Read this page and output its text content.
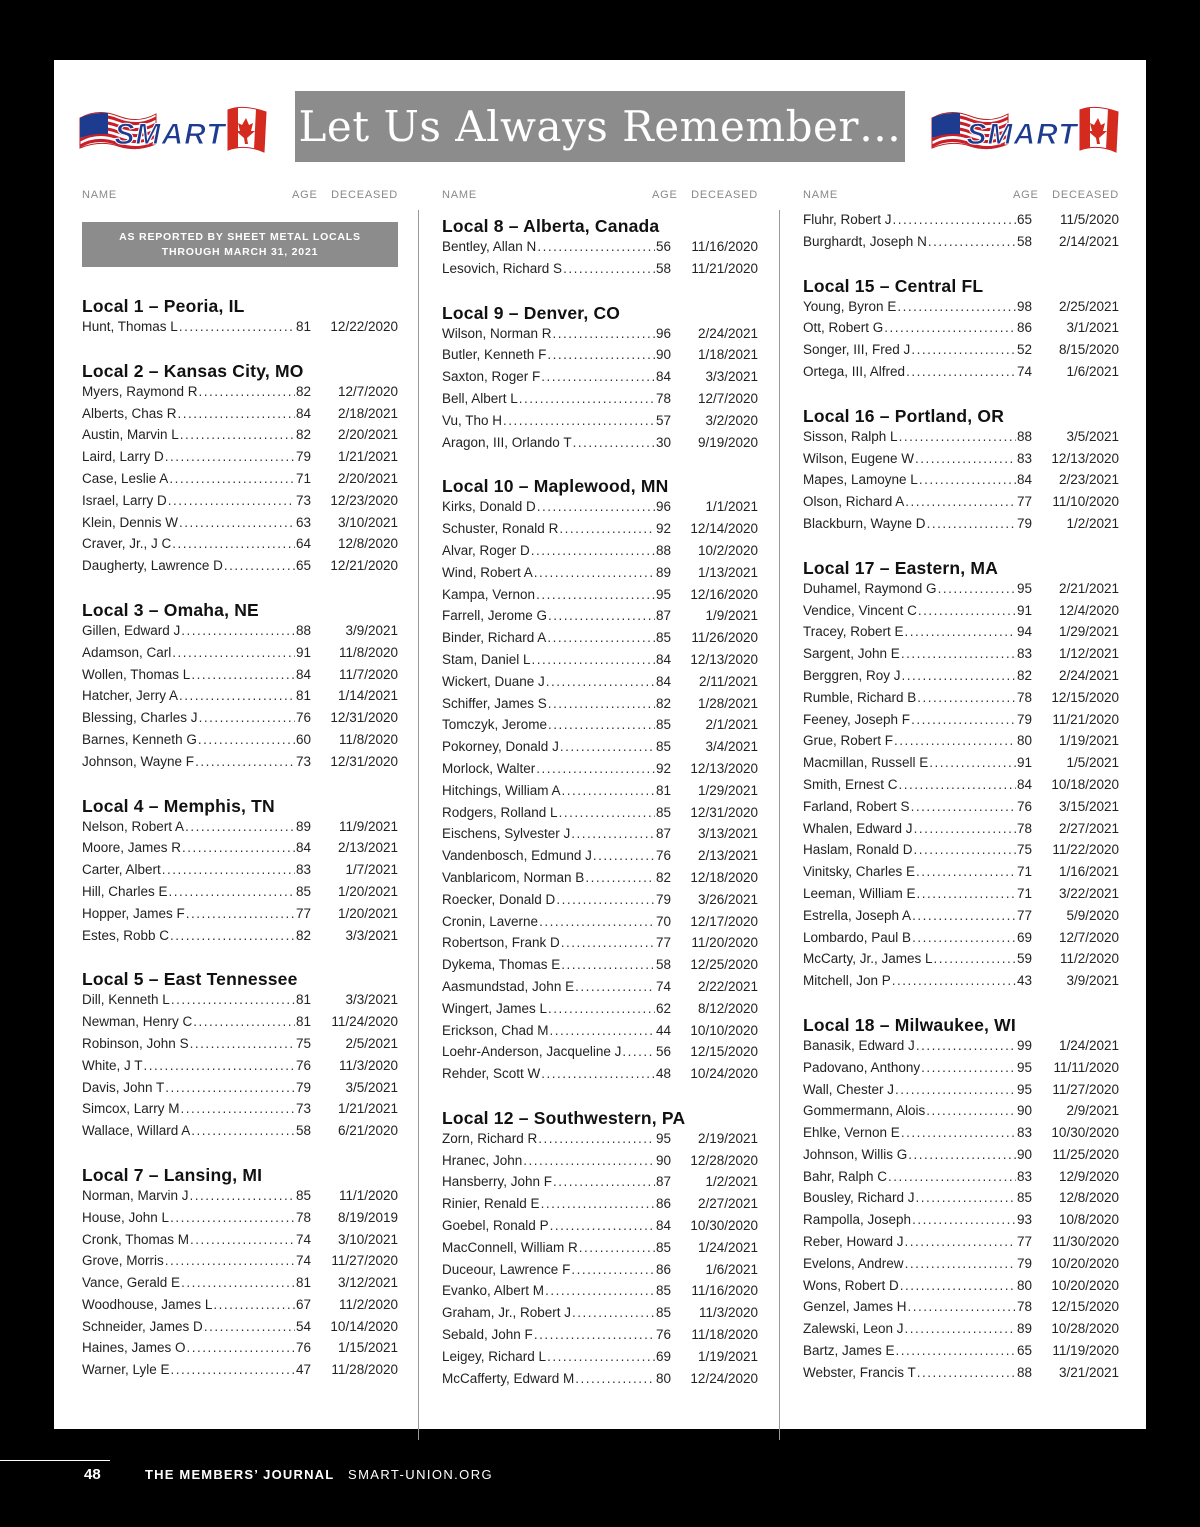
SMART Let Us Always Remember… SMART
NAME	AGE DECEASED
AS REPORTED BY SHEET METAL LOCALS
THROUGH MARCH 31, 2021
Local 1 – Peoria, IL
Hunt, Thomas L .....	81	12/22/2020
Local 2 – Kansas City, MO
Myers, Raymond R .....	82	12/7/2020
Alberts, Chas R .....	84	2/18/2021
Austin, Marvin L .....	82	2/20/2021
Laird, Larry D .....	79	1/21/2021
Case, Leslie A .....	71	2/20/2021
Israel, Larry D .....	73	12/23/2020
Klein, Dennis W .....	63	3/10/2021
Craver, Jr., J C .....	64	12/8/2020
Daugherty, Lawrence D .....	65	12/21/2020
Local 3 – Omaha, NE
Gillen, Edward J .....	88	3/9/2021
Adamson, Carl .....	91	11/8/2020
Wollen, Thomas L .....	84	11/7/2020
Hatcher, Jerry A .....	81	1/14/2021
Blessing, Charles J .....	76	12/31/2020
Barnes, Kenneth G .....	60	11/8/2020
Johnson, Wayne F .....	73	12/31/2020
Local 4 – Memphis, TN
Nelson, Robert A .....	89	11/9/2021
Moore, James R .....	84	2/13/2021
Carter, Albert .....	83	1/7/2021
Hill, Charles E .....	85	1/20/2021
Hopper, James F .....	77	1/20/2021
Estes, Robb C .....	82	3/3/2021
Local 5 – East Tennessee
Dill, Kenneth L .....	81	3/3/2021
Newman, Henry C .....	81	11/24/2020
Robinson, John S .....	75	2/5/2021
White, J T .....	76	11/3/2020
Davis, John T .....	79	3/5/2021
Simcox, Larry M .....	73	1/21/2021
Wallace, Willard A .....	58	6/21/2020
Local 7 – Lansing, MI
Norman, Marvin J .....	85	11/1/2020
House, John L .....	78	8/19/2019
Cronk, Thomas M .....	74	3/10/2021
Grove, Morris .....	74	11/27/2020
Vance, Gerald E .....	81	3/12/2021
Woodhouse, James L .....	67	11/2/2020
Schneider, James D .....	54	10/14/2020
Haines, James O .....	76	1/15/2021
Warner, Lyle E .....	47	11/28/2020
NAME	AGE DECEASED
Local 8 – Alberta, Canada
Bentley, Allan N .....	56	11/16/2020
Lesovich, Richard S .....	58	11/21/2020
Local 9 – Denver, CO
Wilson, Norman R .....	96	2/24/2021
Butler, Kenneth F .....	90	1/18/2021
Saxton, Roger F .....	84	3/3/2021
Bell, Albert L .....	78	12/7/2020
Vu, Tho H .....	57	3/2/2020
Aragon, III, Orlando T .....	30	9/19/2020
Local 10 – Maplewood, MN
Kirks, Donald D .....	96	1/1/2021
Schuster, Ronald R .....	92	12/14/2020
Alvar, Roger D .....	88	10/2/2020
Wind, Robert A .....	89	1/13/2021
Kampa, Vernon .....	95	12/16/2020
Farrell, Jerome G .....	87	1/9/2021
Binder, Richard A .....	85	11/26/2020
Stam, Daniel L .....	84	12/13/2020
Wickert, Duane J .....	84	2/11/2021
Schiffer, James S .....	82	1/28/2021
Tomczyk, Jerome .....	85	2/1/2021
Pokorney, Donald J .....	85	3/4/2021
Morlock, Walter .....	92	12/13/2020
Hitchings, William A .....	81	1/29/2021
Rodgers, Rolland L .....	85	12/31/2020
Eischens, Sylvester J .....	87	3/13/2021
Vandenbosch, Edmund J .....	76	2/13/2021
Vanblaricom, Norman B .....	82	12/18/2020
Roecker, Donald D .....	79	3/26/2021
Cronin, Laverne .....	70	12/17/2020
Robertson, Frank D .....	77	11/20/2020
Dykema, Thomas E .....	58	12/25/2020
Aasmundstad, John E .....	74	2/22/2021
Wingert, James L .....	62	8/12/2020
Erickson, Chad M .....	44	10/10/2020
Loehr-Anderson, Jacqueline J .....	56	12/15/2020
Rehder, Scott W .....	48	10/24/2020
Local 12 – Southwestern, PA
Zorn, Richard R .....	95	2/19/2021
Hranec, John .....	90	12/28/2020
Hansberry, John F .....	87	1/2/2021
Rinier, Renald E .....	86	2/27/2021
Goebel, Ronald P .....	84	10/30/2020
MacConnell, William R .....	85	1/24/2021
Duceour, Lawrence F .....	86	1/6/2021
Evanko, Albert M .....	85	11/16/2020
Graham, Jr., Robert J .....	85	11/3/2020
Sebald, John F .....	76	11/18/2020
Leigey, Richard L .....	69	1/19/2021
McCafferty, Edward M .....	80	12/24/2020
NAME	AGE DECEASED
Fluhr, Robert J .....	65	11/5/2020
Burghardt, Joseph N .....	58	2/14/2021
Local 15 – Central FL
Young, Byron E .....	98	2/25/2021
Ott, Robert G .....	86	3/1/2021
Songer, III, Fred J .....	52	8/15/2020
Ortega, III, Alfred .....	74	1/6/2021
Local 16 – Portland, OR
Sisson, Ralph L .....	88	3/5/2021
Wilson, Eugene W .....	83	12/13/2020
Mapes, Lamoyne L .....	84	2/23/2021
Olson, Richard A .....	77	11/10/2020
Blackburn, Wayne D .....	79	1/2/2021
Local 17 – Eastern, MA
Duhamel, Raymond G .....	95	2/21/2021
Vendice, Vincent C .....	91	12/4/2020
Tracey, Robert E .....	94	1/29/2021
Sargent, John E .....	83	1/12/2021
Berggren, Roy J .....	82	2/24/2021
Rumble, Richard B .....	78	12/15/2020
Feeney, Joseph F .....	79	11/21/2020
Grue, Robert F .....	80	1/19/2021
Macmillan, Russell E .....	91	1/5/2021
Smith, Ernest C .....	84	10/18/2020
Farland, Robert S .....	76	3/15/2021
Whalen, Edward J .....	78	2/27/2021
Haslam, Ronald D .....	75	11/22/2020
Vinitsky, Charles E .....	71	1/16/2021
Leeman, William E .....	71	3/22/2021
Estrella, Joseph A .....	77	5/9/2020
Lombardo, Paul B .....	69	12/7/2020
McCarty, Jr., James L .....	59	11/2/2020
Mitchell, Jon P .....	43	3/9/2021
Local 18 – Milwaukee, WI
Banasik, Edward J .....	99	1/24/2021
Padovano, Anthony .....	95	11/11/2020
Wall, Chester J .....	95	11/27/2020
Gommermann, Alois .....	90	2/9/2021
Ehlke, Vernon E .....	83	10/30/2020
Johnson, Willis G .....	90	11/25/2020
Bahr, Ralph C .....	83	12/9/2020
Bousley, Richard J .....	85	12/8/2020
Rampolla, Joseph .....	93	10/8/2020
Reber, Howard J .....	77	11/30/2020
Evelons, Andrew .....	79	10/20/2020
Wons, Robert D .....	80	10/20/2020
Genzel, James H .....	78	12/15/2020
Zalewski, Leon J .....	89	10/28/2020
Bartz, James E .....	65	11/19/2020
Webster, Francis T .....	88	3/21/2021
48	THE MEMBERS’ JOURNAL SMART-UNION.ORG
